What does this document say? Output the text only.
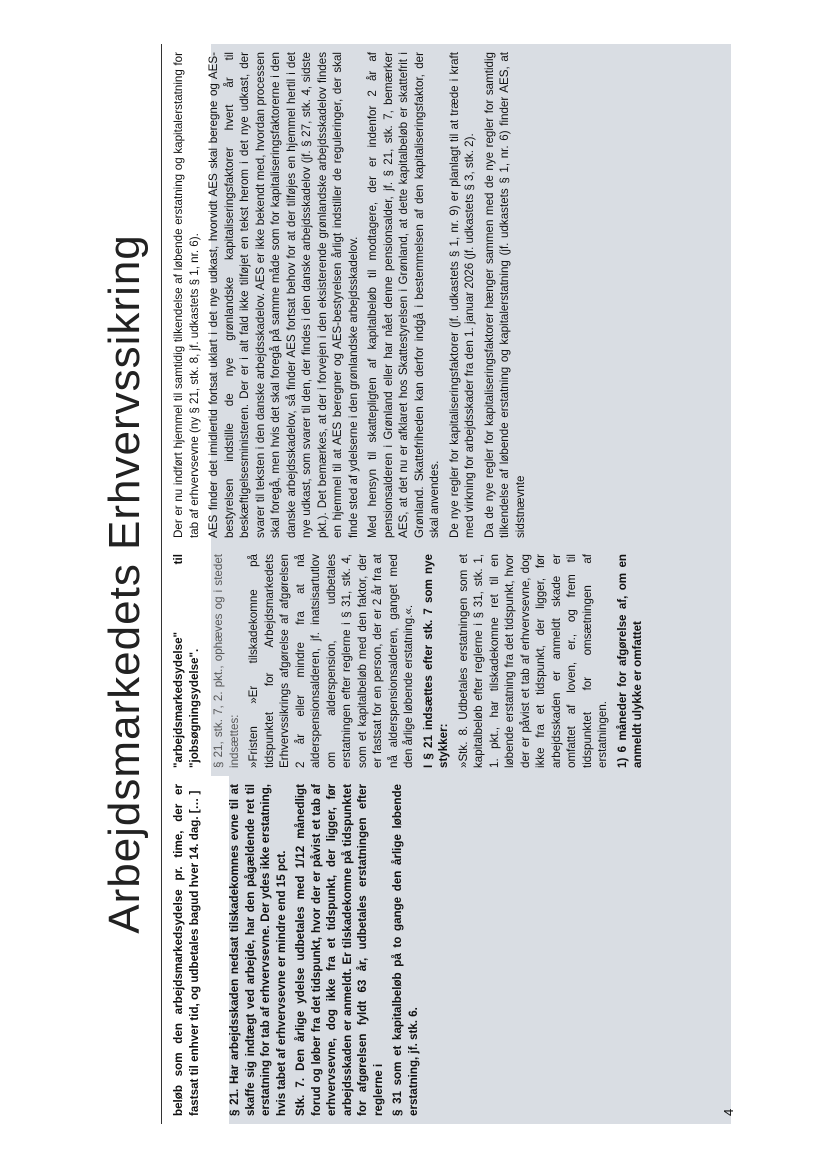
Arbejdsmarkedets Erhvervssikring
beløb som den arbejdsmarkedsydelse pr. time, der er fastsat til enhver tid, og udbetales bagud hver 14. dag. [… ]	§ 21. Har arbejdsskaden nedsat tilskadekomnes evne til at skaffe sig indtægt ved arbejde, har den pågældende ret til erstatning for tab af erhvervsevne. Der ydes ikke erstatning, hvis tabet af erhvervsevne er mindre end 15 pct. Stk. 7. Den årlige ydelse udbetales med 1/12 månedligt forud og løber fra det tidspunkt, hvor der er påvist et tab af erhvervsevne, dog ikke fra et tidspunkt, der ligger, før arbejdsskaden er anmeldt. Er tilskadekomne på tidspunktet for afgørelsen fyldt 63 år, udbetales erstatningen efter reglerne i § 31 som et kapitalbeløb på to gange den årlige løbende erstatning, jf. stk. 6.

"arbejdsmarkedsydelse" til "jobsøgningsydelse". § 21, stk. 7, 2. pkt., ophæves og i stedet indsættes: »Fristen »Er tilskadekomne på tidspunktet for Arbejdsmarkedets Erhvervssikrings afgørelse af afgørelsen 2 år eller mindre fra at nå alderspensionsalderen, jf. inatsisartutlov om alderspension, udbetales erstatningen efter reglerne i § 31, stk. 4, som et kapitalbeløb med den faktor, der er fastsat for en person, der er 2 år fra at nå alderspensionsalderen, ganget med den årlige løbende erstatning.«. I § 21 indsættes efter stk. 7 som nye stykker: »Stk. 8. Udbetales erstatningen som et kapitalbeløb efter reglerne i § 31, stk. 1, 1. pkt., har tilskadekomne ret til en løbende erstatning fra det tidspunkt, hvor der er påvist et tab af erhvervsevne, dog ikke fra et tidspunkt, der ligger, før arbejdsskaden er anmeldt skade er omfattet af loven, er., og frem til tidspunktet for omsætningen af erstatningen. 1) 6 måneder for afgørelse af, om en anmeldt ulykke er omfattet

Der er nu indført hjemmel til samtidig tilkendelse af løbende erstatning og kapitalerstatning for tab af erhvervsevne (ny § 21, stk. 8, jf. udkastets § 1, nr. 6). AES finder det imidlertid fortsat uklart i det nye udkast, hvorvidt AES skal beregne og AES-bestyrelsen indstille de nye grønlandske kapitaliseringsfaktorer hvert år til beskæftigelsesministeren. Der er i alt fald ikke tilføjet en tekst herom i det nye udkast, der svarer til teksten i den danske arbejdsskadelov. AES er ikke bekendt med, hvordan processen skal foregå, men hvis det skal foregå på samme måde som for kapitaliseringsfaktorerne i den danske arbejdsskadelov, så finder AES fortsat behov for at der tilføjes en hjemmel hertil i det nye udkast, som svarer til den, der findes i den danske arbejdsskadelov (jf. § 27, stk. 4, sidste pkt.). Det bemærkes, at der i forvejen i den eksisterende grønlandske arbejdsskadelov findes en hjemmel til at AES beregner og AES-bestyrelsen årligt indstiller de reguleringer, der skal finde sted af ydelserne i den grønlandske arbejdsskadelov. Med hensyn til skattepligten af kapitalbeløb til modtagere, der er indenfor 2 år af pensionsalderen i Grønland eller har nået denne pensionsalder, jf. § 21, stk. 7, bemærker AES, at det nu er afklaret hos Skattestyrelsen i Grønland, at dette kapitalbeløb er skattefrit i Grønland. Skattefriheden kan derfor indgå i bestemmelsen af den kapitaliseringsfaktor, der skal anvendes. De nye regler for kapitaliseringsfaktorer (jf. udkastets § 1, nr. 9) er planlagt til at træde i kraft med virkning for arbejdsskader fra den 1. januar 2026 (jf. udkastets § 3, stk. 2). Da de nye regler for kapitaliseringsfaktorer hænger sammen med de nye regler for samtidig tilkendelse af løbende erstatning og kapitalerstatning (jf. udkastets § 1, nr. 6) finder AES, at sidstnævnte

4
